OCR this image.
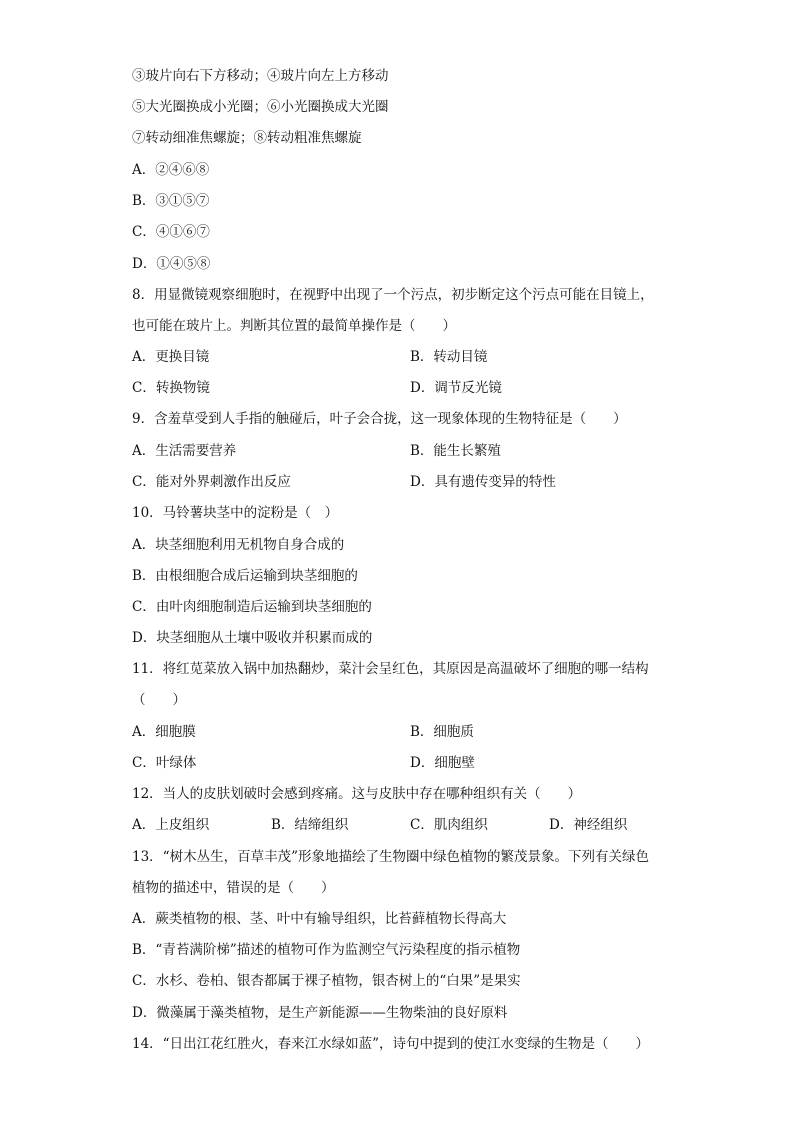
③玻片向右下方移动；④玻片向左上方移动
⑤大光圈换成小光圈；⑥小光圈换成大光圈
⑦转动细准焦螺旋；⑧转动粗准焦螺旋
A．②④⑥⑧
B．③①⑤⑦
C．④①⑥⑦
D．①④⑤⑧
8．用显微镜观察细胞时，在视野中出现了一个污点，初步断定这个污点可能在目镜上，
也可能在玻片上。判断其位置的最简单操作是（　　）
A．更换目镜	B．转动目镜
C．转换物镜	D．调节反光镜
9．含羞草受到人手指的触碰后，叶子会合拢，这一现象体现的生物特征是（　　）
A．生活需要营养	B．能生长繁殖
C．能对外界刺激作出反应	D．具有遗传变异的特性
10．马铃薯块茎中的淀粉是（　）
A．块茎细胞利用无机物自身合成的
B．由根细胞合成后运输到块茎细胞的
C．由叶肉细胞制造后运输到块茎细胞的
D．块茎细胞从土壤中吸收并积累而成的
11．将红苋菜放入锅中加热翻炒，菜汁会呈红色，其原因是高温破坏了细胞的哪一结构
（　　）
A．细胞膜	B．细胞质
C．叶绿体	D．细胞壁
12．当人的皮肤划破时会感到疼痛。这与皮肤中存在哪种组织有关（　　）
A．上皮组织	B．结缔组织	C．肌肉组织	D．神经组织
13．“树木丛生，百草丰茂”形象地描绘了生物圈中绿色植物的繁茂景象。下列有关绿色
植物的描述中，错误的是（　　）
A．蕨类植物的根、茎、叶中有输导组织，比苔藓植物长得高大
B．“青苔满阶梯”描述的植物可作为监测空气污染程度的指示植物
C．水杉、卷柏、银杏都属于裸子植物，银杏树上的“白果”是果实
D．微藻属于藻类植物，是生产新能源——生物柴油的良好原料
14．“日出江花红胜火，春来江水绿如蓝”，诗句中提到的使江水变绿的生物是（　　）
